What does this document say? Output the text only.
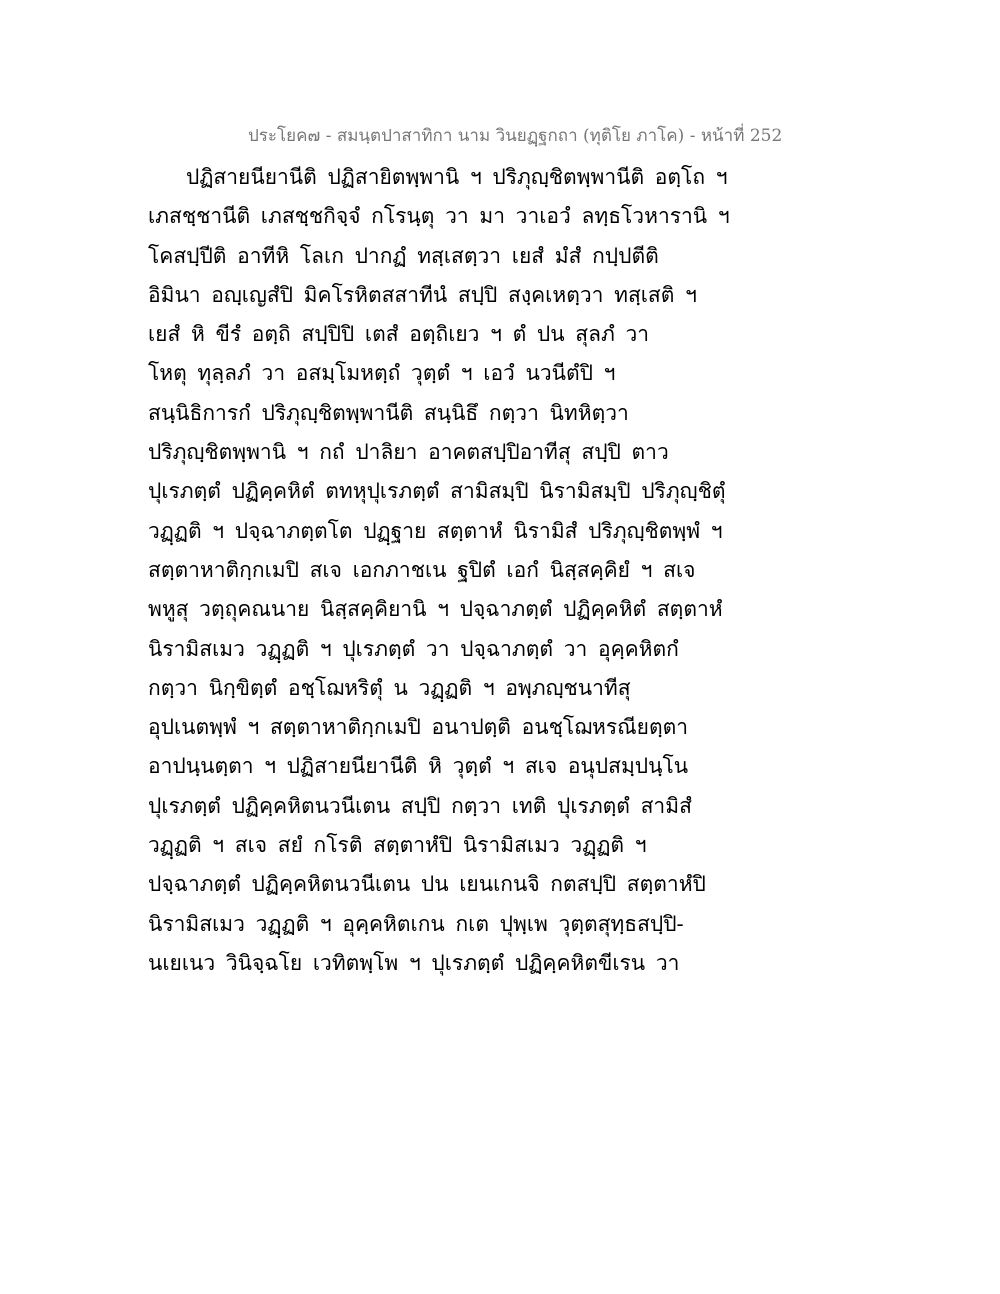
ประโยค๗ - สมนฺตปาสาทิกา นาม วินยฏฺฐกถา (ทุติโย ภาโค) - หน้าที่ 252
ปฏิสายนียานีติ ปฏิสายิตพฺพานิ ฯ ปริภุญฺชิตพฺพานีติ อตฺโถ ฯ
เภสชฺชานีติ เภสชฺชกิจฺจํ กโรนฺตุ วา มา วาเอวํ ลทฺธโวหารานิ ฯ
โคสปฺปีติ อาทีหิ โลเก ปากฏํ ทสฺเสตฺวา เยสํ มํสํ กปฺปตีติ
อิมินา อญฺเญสํปิ มิคโรหิตสสาทีนํ สปฺปิ สงฺคเหตฺวา ทสฺเสติ ฯ
เยสํ หิ ขีรํ อตฺถิ สปฺปิปิ เตสํ อตฺถิเยว ฯ ตํ ปน สุลภํ วา
โหตุ ทุลฺลภํ วา อสมฺโมหตฺถํ วุตฺตํ ฯ เอวํ นวนีตํปิ ฯ
สนฺนิธิการกํ ปริภุญฺชิตพฺพานีติ สนฺนิธึ กตฺวา นิทหิตฺวา
ปริภุญฺชิตพฺพานิ ฯ กถํ ปาลิยา อาคตสปฺปิอาทีสุ สปฺปิ ตาว
ปุเรภตฺตํ ปฏิคฺคหิตํ ตทหุปุเรภตฺตํ สามิสมฺปิ นิรามิสมฺปิ ปริภุญฺชิตุํ
วฏฺฏติ ฯ ปจฺฉาภตฺตโต ปฏฺฐาย สตฺตาหํ นิรามิสํ ปริภุญฺชิตพฺพํ ฯ
สตฺตาหาติกฺกเมปิ สเจ เอกภาชเน ฐปิตํ เอกํ นิสฺสคฺคิยํ ฯ สเจ
พหูสุ วตฺถุคณนาย นิสฺสคฺคิยานิ ฯ ปจฺฉาภตฺตํ ปฏิคฺคหิตํ สตฺตาหํ
นิรามิสเมว วฏฺฏติ ฯ ปุเรภตฺตํ วา ปจฺฉาภตฺตํ วา อุคฺคหิตกํ
กตฺวา นิกฺขิตฺตํ อชฺโฌหริตุํ น วฏฺฏติ ฯ อพฺภญฺชนาทีสุ
อุปเนตพฺพํ ฯ สตฺตาหาติกฺกเมปิ อนาปตฺติ อนชฺโฌหรณียตฺตา
อาปนฺนตฺตา ฯ ปฏิสายนียานีติ หิ วุตฺตํ ฯ สเจ อนุปสมฺปนฺโน
ปุเรภตฺตํ ปฏิคฺคหิตนวนีเตน สปฺปิ กตฺวา เทติ ปุเรภตฺตํ สามิสํ
วฏฺฏติ ฯ สเจ สยํ กโรติ สตฺตาหํปิ นิรามิสเมว วฏฺฏติ ฯ
ปจฺฉาภตฺตํ ปฏิคฺคหิตนวนีเตน ปน เยนเกนจิ กตสปฺปิ สตฺตาหํปิ
นิรามิสเมว วฏฺฏติ ฯ อุคฺคหิตเกน กเต ปุพฺเพ วุตฺตสุทฺธสปฺปิ-
นเยเนว วินิจฺฉโย เวทิตพฺโพ ฯ ปุเรภตฺตํ ปฏิคฺคหิตขีเรน วา
